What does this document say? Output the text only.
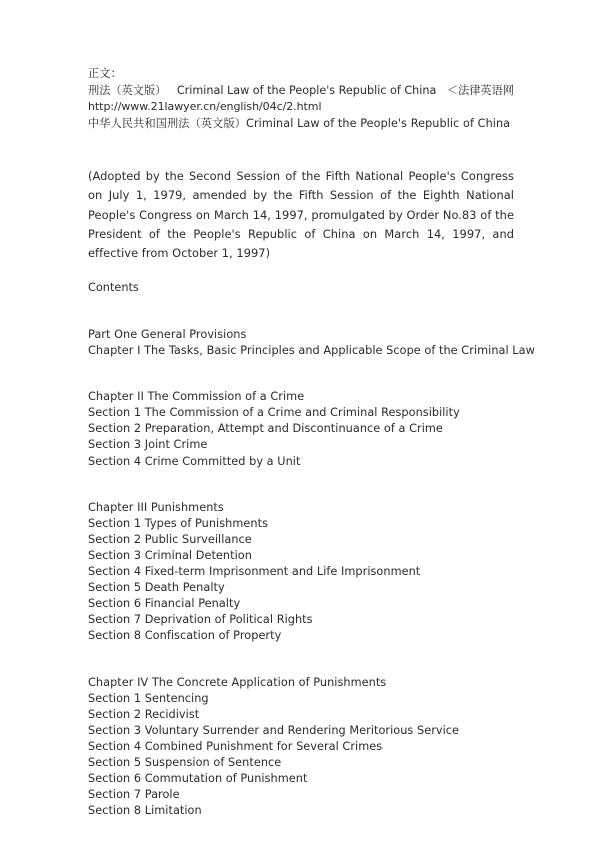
正文：
刑法（英文版） Criminal Law of the People's Republic of China ＜法律英语网
http://www.21lawyer.cn/english/04c/2.html
中华人民共和国刑法（英文版）Criminal Law of the People's Republic of China
(Adopted by the Second Session of the Fifth National People's Congress on July 1, 1979, amended by the Fifth Session of the Eighth National People's Congress on March 14, 1997, promulgated by Order No.83 of the President of the People's Republic of China on March 14, 1997, and effective from October 1, 1997)
Contents
Part One General Provisions
Chapter I The Tasks, Basic Principles and Applicable Scope of the Criminal Law
Chapter II The Commission of a Crime
Section 1 The Commission of a Crime and Criminal Responsibility
Section 2 Preparation, Attempt and Discontinuance of a Crime
Section 3 Joint Crime
Section 4 Crime Committed by a Unit
Chapter III Punishments
Section 1 Types of Punishments
Section 2 Public Surveillance
Section 3 Criminal Detention
Section 4 Fixed-term Imprisonment and Life Imprisonment
Section 5 Death Penalty
Section 6 Financial Penalty
Section 7 Deprivation of Political Rights
Section 8 Confiscation of Property
Chapter IV The Concrete Application of Punishments
Section 1 Sentencing
Section 2 Recidivist
Section 3 Voluntary Surrender and Rendering Meritorious Service
Section 4 Combined Punishment for Several Crimes
Section 5 Suspension of Sentence
Section 6 Commutation of Punishment
Section 7 Parole
Section 8 Limitation
